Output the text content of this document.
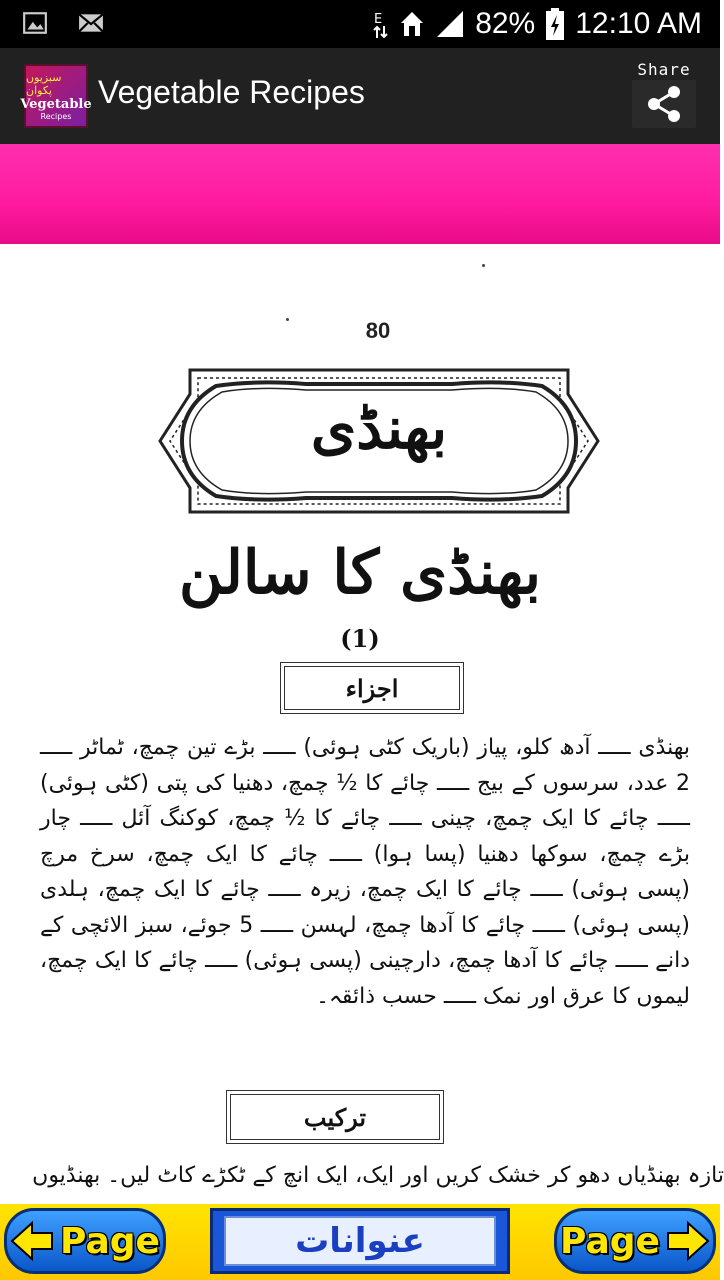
E	82% 12:10 AM
سبزیوں پکوان
Vegetable
Recipes
Vegetable Recipes
Share
80
بھنڈی
بھنڈی کا سالن
(1)
اجزاء
بھنڈی ـــــ آدھ کلو، پیاز (باریک کٹی ہوئی) ـــــ بڑے تین چمچ، ٹماٹر ـــــ 2 عدد، سرسوں کے بیج ـــــ چائے کا ½ چمچ، دھنیا کی پتی (کٹی ہوئی) ـــــ چائے کا ایک چمچ، چینی ـــــ چائے کا ½ چمچ، کوکنگ آئل ـــــ چار بڑے چمچ، سوکھا دھنیا (پسا ہوا) ـــــ چائے کا ایک چمچ، سرخ مرچ (پسی ہوئی) ـــــ چائے کا ایک چمچ، زیرہ ـــــ چائے کا ایک چمچ، ہلدی (پسی ہوئی) ـــــ چائے کا آدھا چمچ، لہسن ـــــ 5 جوئے، سبز الائچی کے دانے ـــــ چائے کا آدھا چمچ، دارچینی (پسی ہوئی) ـــــ چائے کا ایک چمچ، لیموں کا عرق اور نمک ـــــ حسب ذائقہ۔
ترکیب
تازہ بھنڈیاں دھو کر خشک کریں اور ایک، ایک انچ کے ٹکڑے کاٹ لیں۔ بھنڈیوں
Page	عنوانات	Page
